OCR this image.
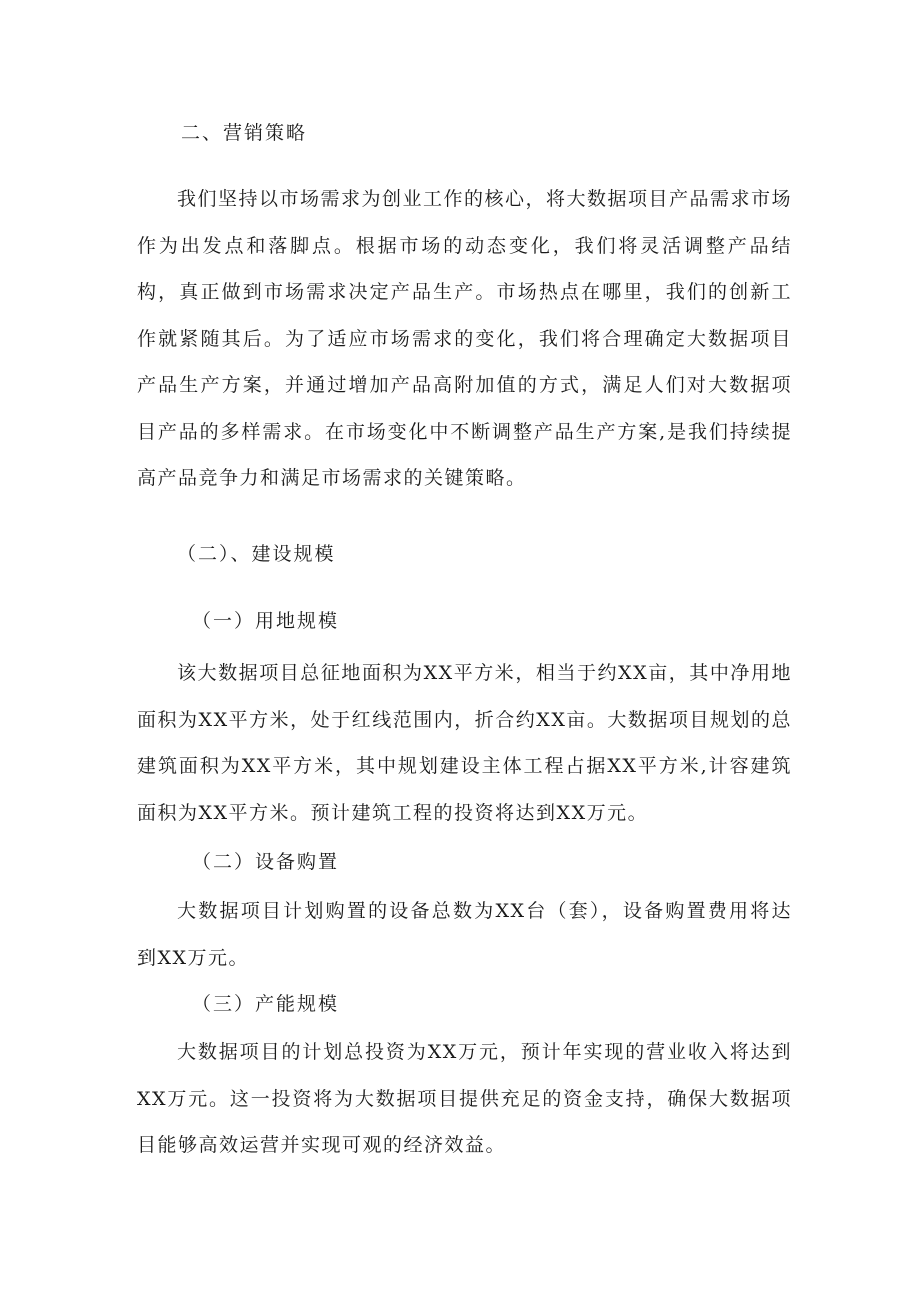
二、营销策略

我们坚持以市场需求为创业工作的核心，将大数据项目产品需求市场作为出发点和落脚点。根据市场的动态变化，我们将灵活调整产品结构，真正做到市场需求决定产品生产。市场热点在哪里，我们的创新工作就紧随其后。为了适应市场需求的变化，我们将合理确定大数据项目产品生产方案，并通过增加产品高附加值的方式，满足人们对大数据项目产品的多样需求。在市场变化中不断调整产品生产方案,是我们持续提高产品竞争力和满足市场需求的关键策略。

（二）、建设规模
（一）用地规模

该大数据项目总征地面积为XX平方米，相当于约XX亩，其中净用地面积为XX平方米，处于红线范围内，折合约XX亩。大数据项目规划的总建筑面积为XX平方米，其中规划建设主体工程占据XX平方米,计容建筑面积为XX平方米。预计建筑工程的投资将达到XX万元。

（二）设备购置

大数据项目计划购置的设备总数为XX台（套），设备购置费用将达到XX万元。

（三）产能规模

大数据项目的计划总投资为XX万元，预计年实现的营业收入将达到XX万元。这一投资将为大数据项目提供充足的资金支持，确保大数据项目能够高效运营并实现可观的经济效益。
